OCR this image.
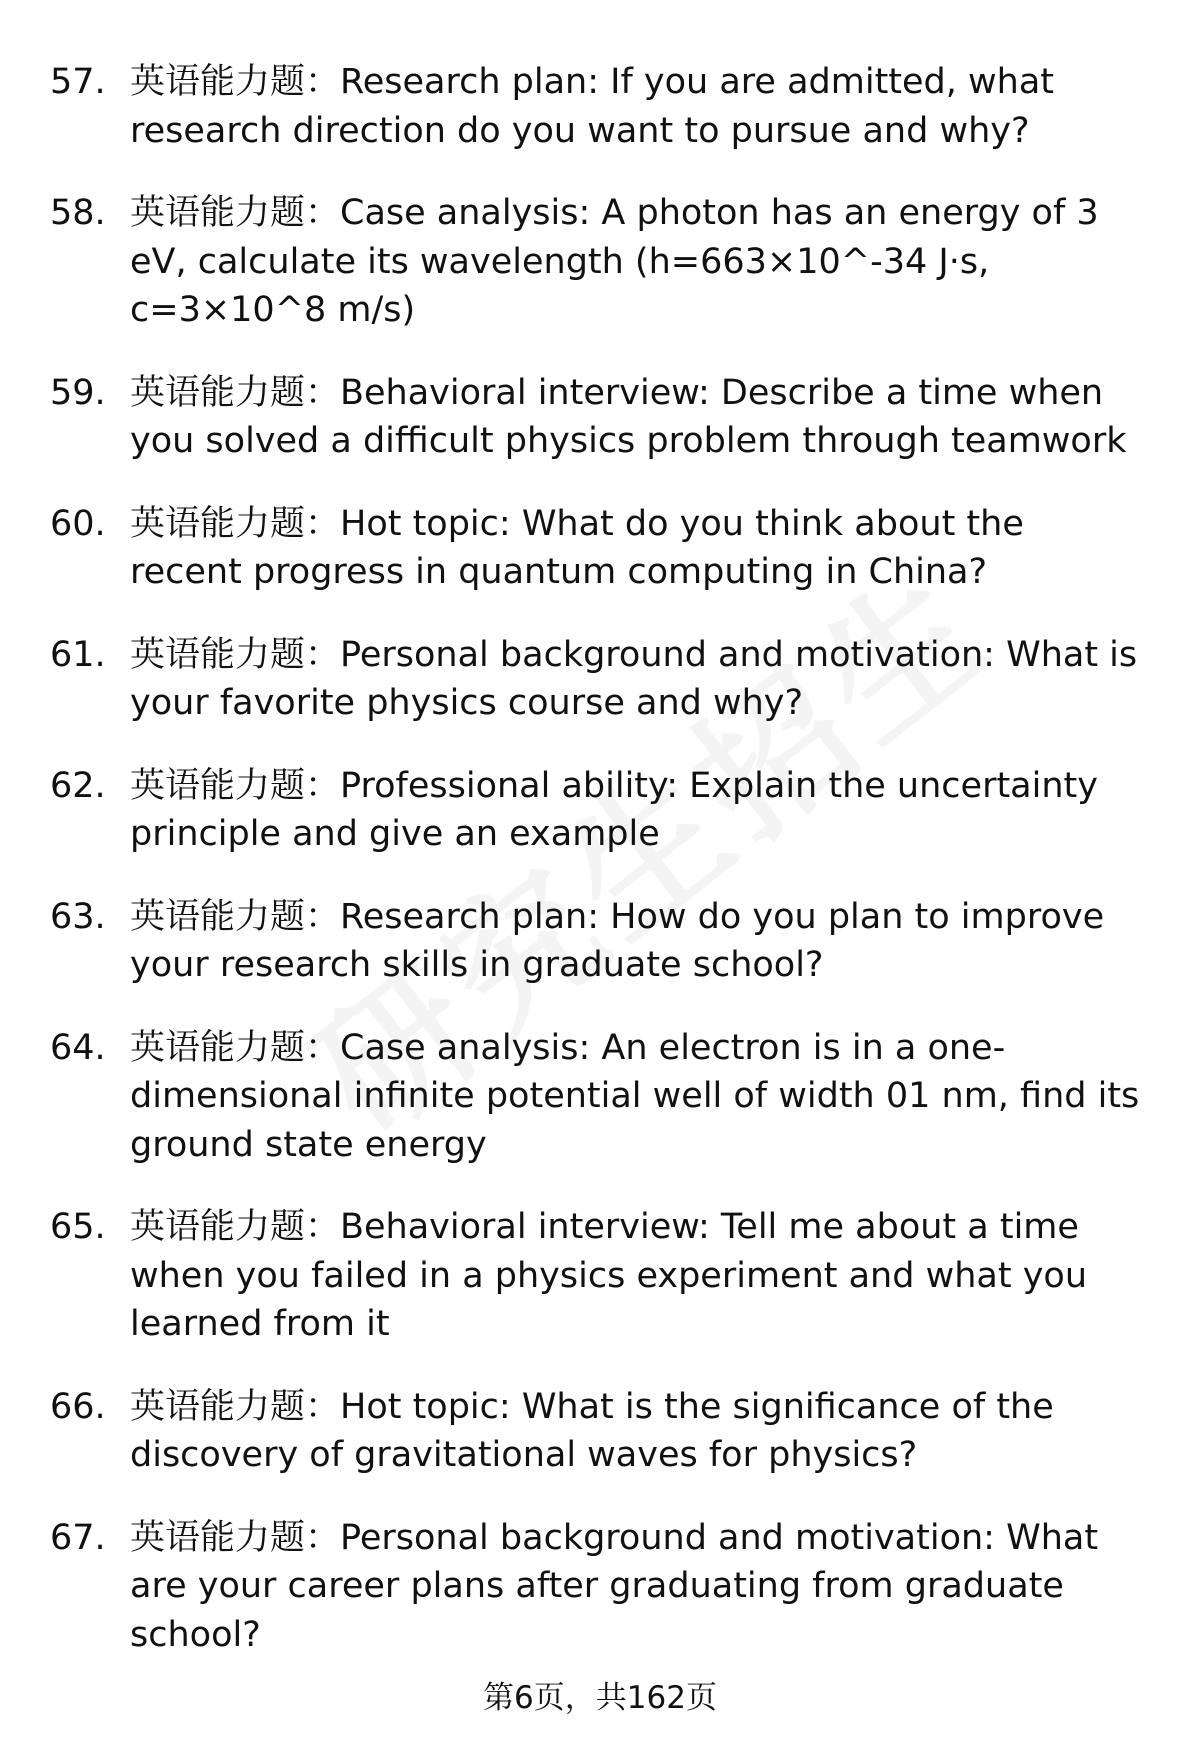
57. 英语能力题：Research plan: If you are admitted, what research direction do you want to pursue and why?
58. 英语能力题：Case analysis: A photon has an energy of 3 eV, calculate its wavelength (h=663×10^-34 J·s, c=3×10^8 m/s)
59. 英语能力题：Behavioral interview: Describe a time when you solved a difficult physics problem through teamwork
60. 英语能力题：Hot topic: What do you think about the recent progress in quantum computing in China?
61. 英语能力题：Personal background and motivation: What is your favorite physics course and why?
62. 英语能力题：Professional ability: Explain the uncertainty principle and give an example
63. 英语能力题：Research plan: How do you plan to improve your research skills in graduate school?
64. 英语能力题：Case analysis: An electron is in a one-dimensional infinite potential well of width 01 nm, find its ground state energy
65. 英语能力题：Behavioral interview: Tell me about a time when you failed in a physics experiment and what you learned from it
66. 英语能力题：Hot topic: What is the significance of the discovery of gravitational waves for physics?
67. 英语能力题：Personal background and motivation: What are your career plans after graduating from graduate school?
第6页，共162页
